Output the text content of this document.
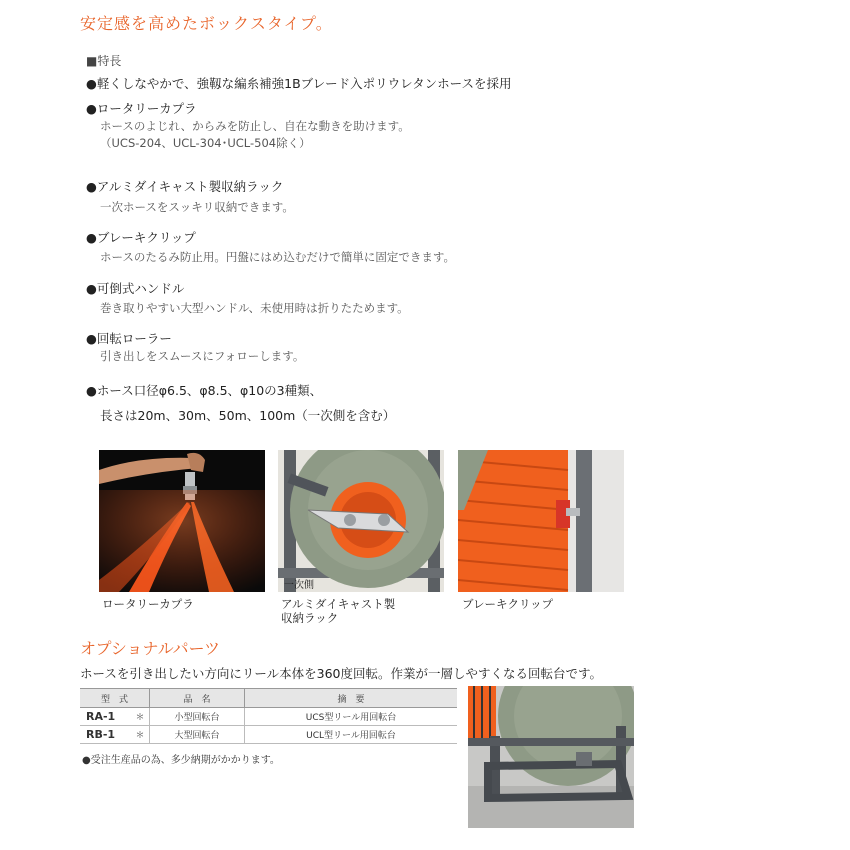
安定感を高めたボックスタイプ。
■特長
●軽くしなやかで、強靱な編糸補強1Bブレード入ポリウレタンホースを採用
●ロータリーカプラ
ホースのよじれ、からみを防止し、自在な動きを助けます。
（UCS-204、UCL-304･UCL-504除く）
●アルミダイキャスト製収納ラック
一次ホースをスッキリ収納できます。
●ブレーキクリップ
ホースのたるみ防止用。円盤にはめ込むだけで簡単に固定できます。
●可倒式ハンドル
巻き取りやすい大型ハンドル、未使用時は折りたためます。
●回転ローラー
引き出しをスムースにフォローします。
●ホース口径φ6.5、φ8.5、φ10の3種類、
長さは20m、30m、50m、100m（一次側を含む）
一次側
ロータリーカプラ	アルミダイキャスト製
収納ラック
ブレーキクリップ
オプショナルパーツ
ホースを引き出したい方向にリール本体を360度回転。作業が一層しやすくなる回転台です。
型　式		品　名	摘　要
RA-1	＊	小型回転台	UCS型リール用回転台
RB-1	＊	大型回転台	UCL型リール用回転台
●受注生産品の為、多少納期がかかります。
